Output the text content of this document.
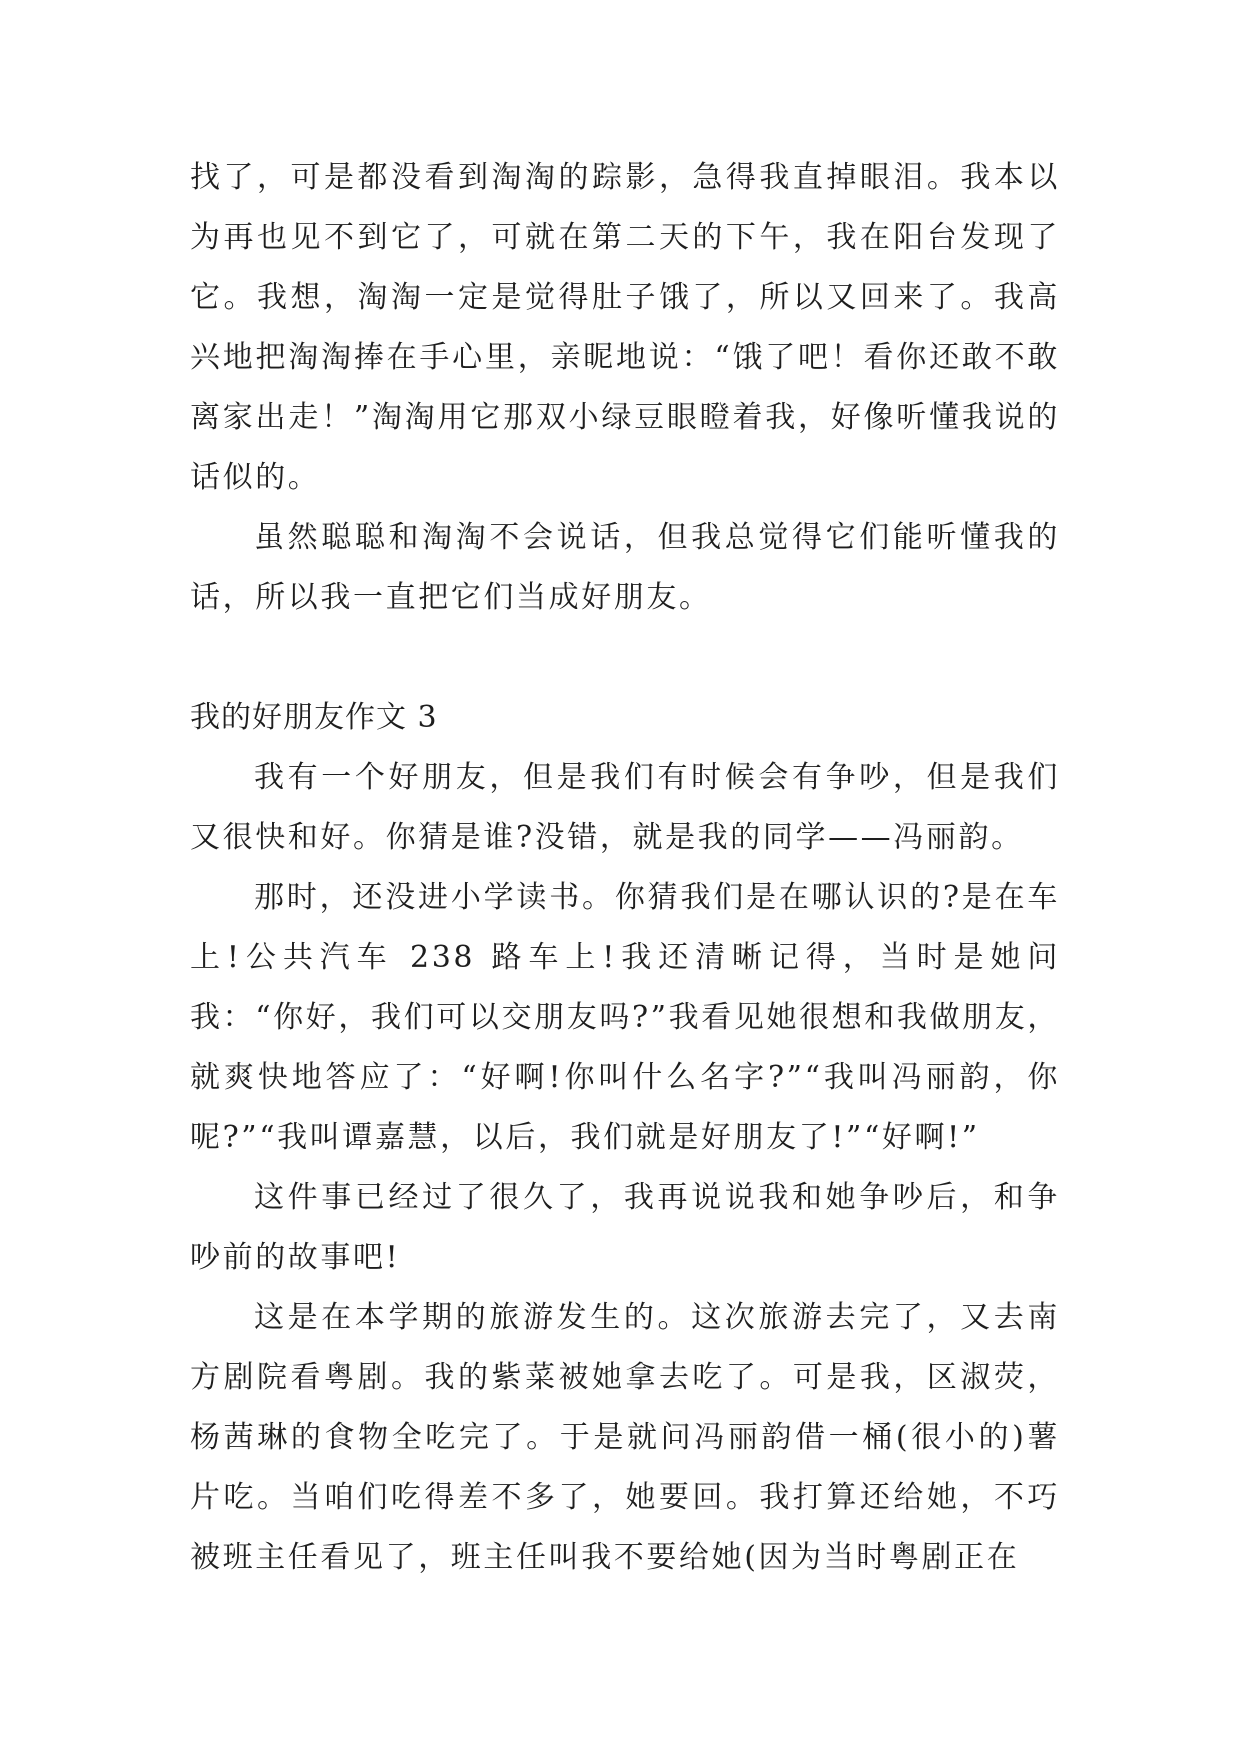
找了，可是都没看到淘淘的踪影，急得我直掉眼泪。我本以为再也见不到它了，可就在第二天的下午，我在阳台发现了它。我想，淘淘一定是觉得肚子饿了，所以又回来了。我高兴地把淘淘捧在手心里，亲昵地说：“饿了吧！看你还敢不敢离家出走！”淘淘用它那双小绿豆眼瞪着我，好像听懂我说的话似的。

虽然聪聪和淘淘不会说话，但我总觉得它们能听懂我的话，所以我一直把它们当成好朋友。

我的好朋友作文 3

我有一个好朋友，但是我们有时候会有争吵，但是我们又很快和好。你猜是谁?没错，就是我的同学——冯丽韵。

那时，还没进小学读书。你猜我们是在哪认识的?是在车上!公共汽车 238 路车上!我还清晰记得，当时是她问我：“你好，我们可以交朋友吗?”我看见她很想和我做朋友，就爽快地答应了：“好啊!你叫什么名字?”“我叫冯丽韵，你呢?”“我叫谭嘉慧，以后，我们就是好朋友了!”“好啊!”

这件事已经过了很久了，我再说说我和她争吵后，和争吵前的故事吧!

这是在本学期的旅游发生的。这次旅游去完了，又去南方剧院看粤剧。我的紫菜被她拿去吃了。可是我，区淑荧，杨茜琳的食物全吃完了。于是就问冯丽韵借一桶(很小的)薯片吃。当咱们吃得差不多了，她要回。我打算还给她，不巧被班主任看见了，班主任叫我不要给她(因为当时粤剧正在
